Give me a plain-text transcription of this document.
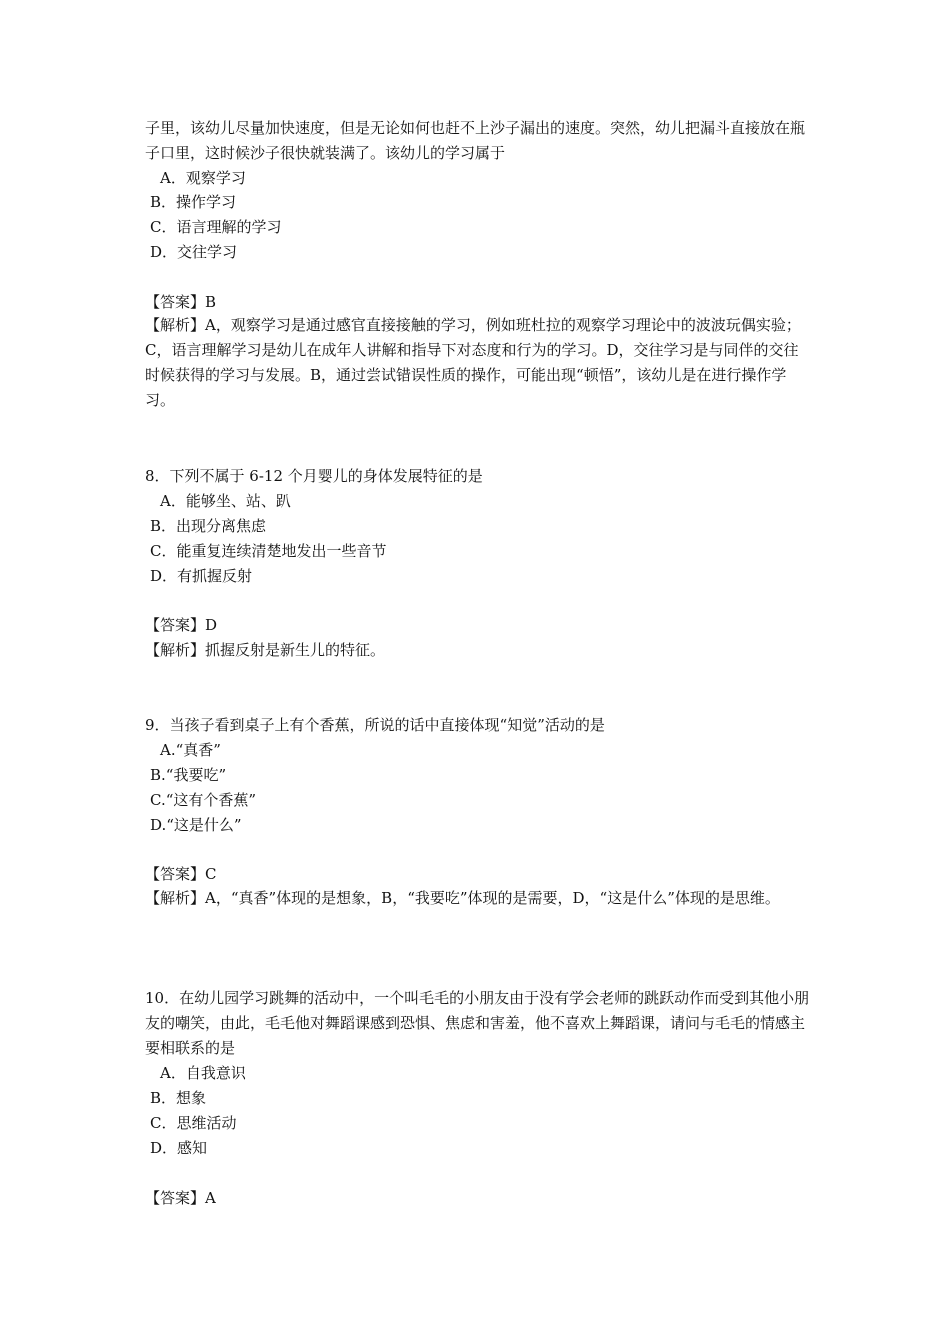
子里，该幼儿尽量加快速度，但是无论如何也赶不上沙子漏出的速度。突然，幼儿把漏斗直接放在瓶子口里，这时候沙子很快就装满了。该幼儿的学习属于
A．观察学习
B．操作学习
C．语言理解的学习
D．交往学习
【答案】B
【解析】A，观察学习是通过感官直接接触的学习，例如班杜拉的观察学习理论中的波波玩偶实验；C，语言理解学习是幼儿在成年人讲解和指导下对态度和行为的学习。D，交往学习是与同伴的交往时候获得的学习与发展。B，通过尝试错误性质的操作，可能出现“顿悟”，该幼儿是在进行操作学习。
8．下列不属于 6-12 个月婴儿的身体发展特征的是
A．能够坐、站、趴
B．出现分离焦虑
C．能重复连续清楚地发出一些音节
D．有抓握反射
【答案】D
【解析】抓握反射是新生儿的特征。
9．当孩子看到桌子上有个香蕉，所说的话中直接体现“知觉”活动的是
A.“真香”
B.“我要吃”
C.“这有个香蕉”
D.“这是什么”
【答案】C
【解析】A，“真香”体现的是想象，B，“我要吃”体现的是需要，D，“这是什么”体现的是思维。
10．在幼儿园学习跳舞的活动中，一个叫毛毛的小朋友由于没有学会老师的跳跃动作而受到其他小朋友的嘲笑，由此，毛毛他对舞蹈课感到恐惧、焦虑和害羞，他不喜欢上舞蹈课，请问与毛毛的情感主要相联系的是
A．自我意识
B．想象
C．思维活动
D．感知
【答案】A
